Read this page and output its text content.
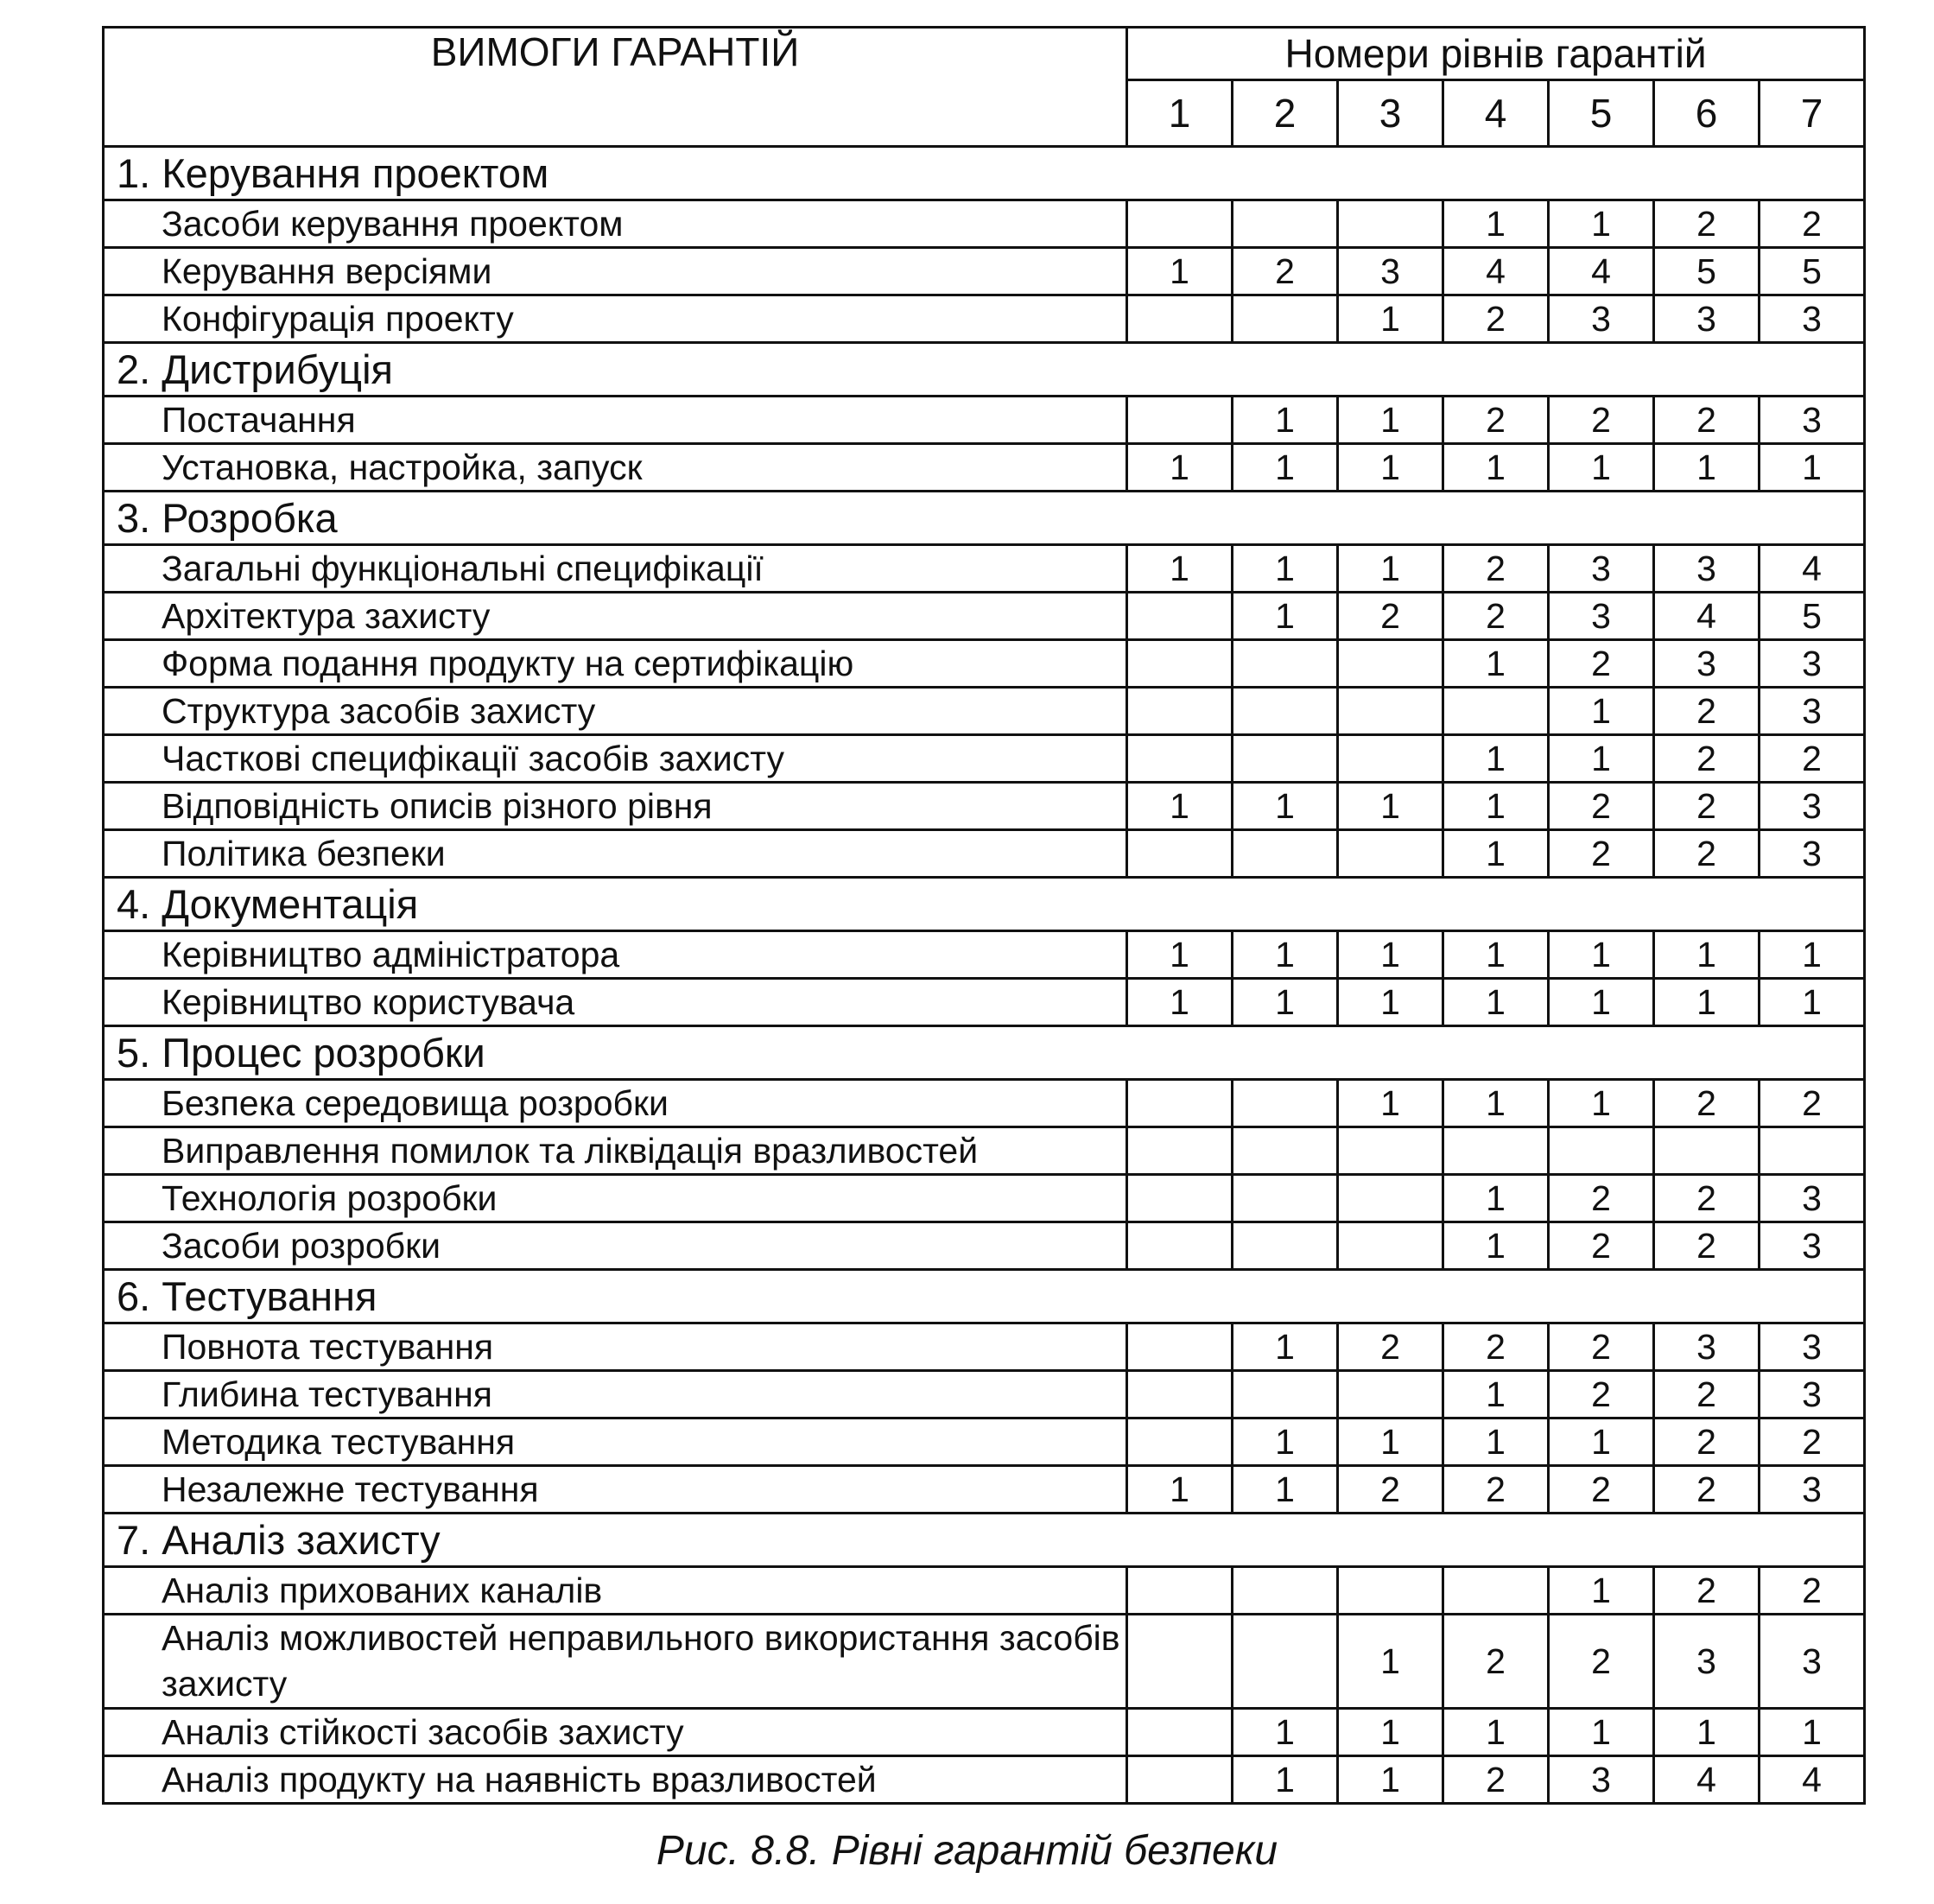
ВИМОГИ ГАРАНТІЙ	Номери рівнів гарантій						
	1	2	3	4	5	6	7
1. Керування проектом							
Засоби керування проектом				1	1	2	2
Керування версіями	1	2	3	4	4	5	5
Конфігурація проекту			1	2	3	3	3
2. Дистрибуція							
Постачання		1	1	2	2	2	3
Установка, настройка, запуск	1	1	1	1	1	1	1
3. Розробка							
Загальні функціональні специфікації	1	1	1	2	3	3	4
Архітектура захисту		1	2	2	3	4	5
Форма подання продукту на сертифікацію				1	2	3	3
Структура засобів захисту					1	2	3
Часткові специфікації засобів захисту				1	1	2	2
Відповідність описів різного рівня	1	1	1	1	2	2	3
Політика безпеки				1	2	2	3
4. Документація							
Керівництво адміністратора	1	1	1	1	1	1	1
Керівництво користувача	1	1	1	1	1	1	1
5. Процес розробки							
Безпека середовища розробки			1	1	1	2	2
Виправлення помилок та ліквідація вразливостей							
Технологія розробки				1	2	2	3
Засоби розробки				1	2	2	3
6. Тестування							
Повнота тестування		1	2	2	2	3	3
Глибина тестування				1	2	2	3
Методика тестування		1	1	1	1	2	2
Незалежне тестування	1	1	2	2	2	2	3
7. Аналіз захисту							
Аналіз прихованих каналів					1	2	2
Аналіз можливостей неправильного використання засобів захисту			1	2	2	3	3
Аналіз стійкості засобів захисту		1	1	1	1	1	1
Аналіз продукту на наявність вразливостей		1	1	2	3	4	4
Рис. 8.8. Рівні гарантій безпеки
